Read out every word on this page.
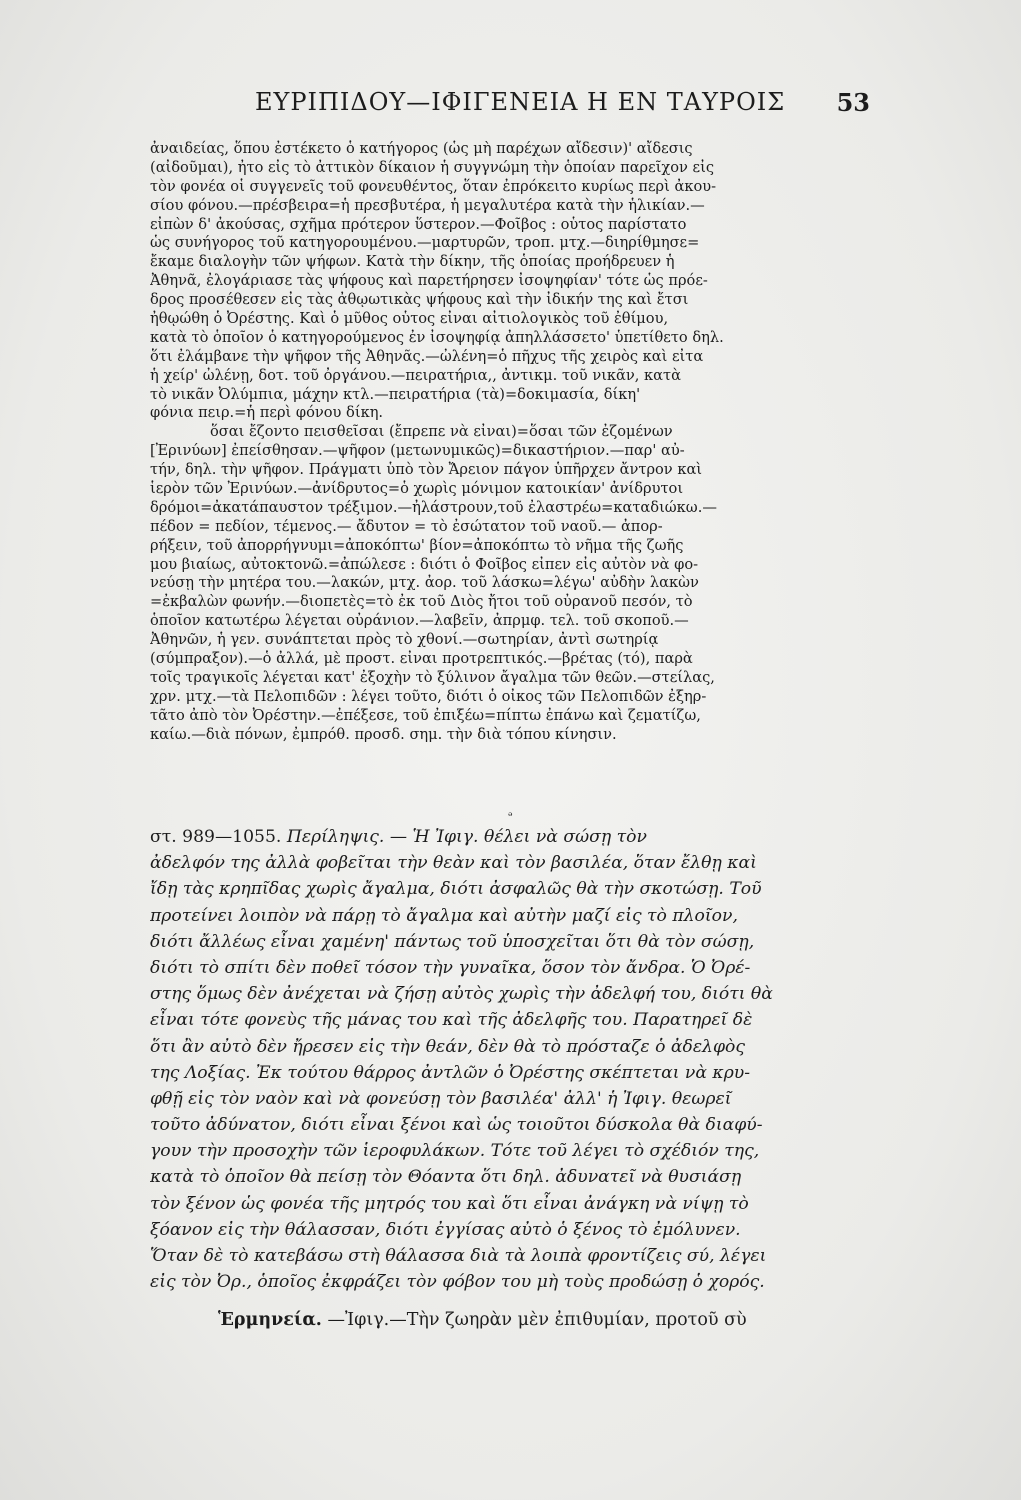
ΕΥΡΙΠΙΔΟΥ—ΙΦΙΓΕΝΕΙΑ Η ΕΝ ΤΑΥΡΟΙΣ 53
ἀναιδείας, ὅπου ἐστέκετο ὁ κατήγορος (ὡς μὴ παρέχων αἴδεσιν)' αἴδεσις
(αἰδοῦμαι), ἦτο εἰς τὸ ἀττικὸν δίκαιον ἡ συγγνώμη τὴν ὁποίαν παρεῖχον εἰς
τὸν φονέα οἱ συγγενεῖς τοῦ φονευθέντος, ὅταν ἐπρόκειτο κυρίως περὶ ἀκου-
σίου φόνου.—πρέσβειρα=ἡ πρεσβυτέρα, ἡ μεγαλυτέρα κατὰ τὴν ἡλικίαν.—
εἰπὼν δ' ἀκούσας, σχῆμα πρότερον ὕστερον.—Φοῖβος : οὗτος παρίστατο
ὡς συνήγορος τοῦ κατηγορουμένου.—μαρτυρῶν, τροπ. μτχ.—διηρίθμησε=
ἔκαμε διαλογὴν τῶν ψήφων. Κατὰ τὴν δίκην, τῆς ὁποίας προήδρευεν ἡ
Ἀθηνᾶ, ἐλογάριασε τὰς ψήφους καὶ παρετήρησεν ἰσοψηφίαν' τότε ὡς πρόε-
δρος προσέθεσεν εἰς τὰς ἀθῳωτικὰς ψήφους καὶ τὴν ἰδικήν της καὶ ἔτσι
ἠθῳώθη ὁ Ὀρέστης. Καὶ ὁ μῦθος οὗτος εἶναι αἰτιολογικὸς τοῦ ἐθίμου,
κατὰ τὸ ὁποῖον ὁ κατηγορούμενος ἐν ἰσοψηφίᾳ ἀπηλλάσσετο' ὑπετίθετο δηλ.
ὅτι ἐλάμβανε τὴν ψῆφον τῆς Ἀθηνᾶς.—ὠλένη=ὁ πῆχυς τῆς χειρὸς καὶ εἶτα
ἡ χείρ' ὠλένῃ, δοτ. τοῦ ὀργάνου.—πειρατήρια,, ἀντικμ. τοῦ νικᾶν, κατὰ
τὸ νικᾶν Ὀλύμπια, μάχην κτλ.—πειρατήρια (τὰ)=δοκιμασία, δίκη'
φόνια πειρ.=ἡ περὶ φόνου δίκη.
ὅσαι ἔζοντο πεισθεῖσαι (ἔπρεπε νὰ εἶναι)=ὅσαι τῶν ἐζομένων
[Ἐρινύων] ἐπείσθησαν.—ψῆφον (μετωνυμικῶς)=δικαστήριον.—παρ' αὐ-
τήν, δηλ. τὴν ψῆφον. Πράγματι ὑπὸ τὸν Ἄρειον πάγον ὑπῆρχεν ἄντρον καὶ
ἱερὸν τῶν Ἐρινύων.—ἀνίδρυτος=ὁ χωρὶς μόνιμον κατοικίαν' ἀνίδρυτοι
δρόμοι=ἀκατάπαυστον τρέξιμον.—ἠλάστρουν,τοῦ ἐλαστρέω=καταδιώκω.—
πέδον = πεδίον, τέμενος.— ἄδυτον = τὸ ἐσώτατον τοῦ ναοῦ.— ἀπορ-
ρήξειν, τοῦ ἀπορρήγνυμι=ἀποκόπτω' βίον=ἀποκόπτω τὸ νῆμα τῆς ζωῆς
μου βιαίως, αὐτοκτονῶ.=ἀπώλεσε : διότι ὁ Φοῖβος εἶπεν εἰς αὐτὸν νὰ φο-
νεύσῃ τὴν μητέρα του.—λακών, μτχ. ἀορ. τοῦ λάσκω=λέγω' αὐδὴν λακὼν
=ἐκβαλὼν φωνήν.—διοπετὲς=τὸ ἐκ τοῦ Διὸς ἤτοι τοῦ οὐρανοῦ πεσόν, τὸ
ὁποῖον κατωτέρω λέγεται οὐράνιον.—λαβεῖν, ἀπρμφ. τελ. τοῦ σκοποῦ.—
Ἀθηνῶν, ἡ γεν. συνάπτεται πρὸς τὸ χθονί.—σωτηρίαν, ἀντὶ σωτηρίᾳ
(σύμπραξον).—ὁ ἀλλά, μὲ προστ. εἶναι προτρεπτικός.—βρέτας (τό), παρὰ
τοῖς τραγικοῖς λέγεται κατ' ἐξοχὴν τὸ ξύλινον ἄγαλμα τῶν θεῶν.—στείλας,
χρν. μτχ.—τὰ Πελοπιδῶν : λέγει τοῦτο, διότι ὁ οἶκος τῶν Πελοπιδῶν ἐξηρ-
τᾶτο ἀπὸ τὸν Ὀρέστην.—ἐπέξεσε, τοῦ ἐπιξέω=πίπτω ἐπάνω καὶ ζεματίζω,
καίω.—διὰ πόνων, ἐμπρόθ. προσδ. σημ. τὴν διὰ τόπου κίνησιν.
ₔ
στ. 989—1055. Περίληψις. — Ἡ Ἰφιγ. θέλει νὰ σώσῃ τὸν
ἀδελφόν της ἀλλὰ φοβεῖται τὴν θεὰν καὶ τὸν βασιλέα, ὅταν ἔλθῃ καὶ
ἴδῃ τὰς κρηπῖδας χωρὶς ἄγαλμα, διότι ἀσφαλῶς θὰ τὴν σκοτώσῃ. Τοῦ
προτείνει λοιπὸν νὰ πάρῃ τὸ ἄγαλμα καὶ αὐτὴν μαζί εἰς τὸ πλοῖον,
διότι ἄλλέως εἶναι χαμένη' πάντως τοῦ ὑποσχεῖται ὅτι θὰ τὸν σώσῃ,
διότι τὸ σπίτι δὲν ποθεῖ τόσον τὴν γυναῖκα, ὅσον τὸν ἄνδρα. Ὁ Ὀρέ-
στης ὅμως δὲν ἀνέχεται νὰ ζήσῃ αὐτὸς χωρὶς τὴν ἀδελφή του, διότι θὰ
εἶναι τότε φονεὺς τῆς μάνας του καὶ τῆς ἀδελφῆς του. Παρατηρεῖ δὲ
ὅτι ἂν αὐτὸ δὲν ἤρεσεν εἰς τὴν θεάν, δὲν θὰ τὸ πρόσταζε ὁ ἀδελφὸς
της Λοξίας. Ἐκ τούτου θάρρος ἀντλῶν ὁ Ὀρέστης σκέπτεται νὰ κρυ-
φθῇ εἰς τὸν ναὸν καὶ νὰ φονεύσῃ τὸν βασιλέα' ἀλλ' ἡ Ἰφιγ. θεωρεῖ
τοῦτο ἀδύνατον, διότι εἶναι ξένοι καὶ ὡς τοιοῦτοι δύσκολα θὰ διαφύ-
γουν τὴν προσοχὴν τῶν ἱεροφυλάκων. Τότε τοῦ λέγει τὸ σχέδιόν της,
κατὰ τὸ ὁποῖον θὰ πείσῃ τὸν Θόαντα ὅτι δηλ. ἀδυνατεῖ νὰ θυσιάσῃ
τὸν ξένον ὡς φονέα τῆς μητρός του καὶ ὅτι εἶναι ἀνάγκη νὰ νίψῃ τὸ
ξόανον εἰς τὴν θάλασσαν, διότι ἐγγίσας αὐτὸ ὁ ξένος τὸ ἐμόλυνεν.
Ὅταν δὲ τὸ κατεβάσω στὴ θάλασσα διὰ τὰ λοιπὰ φροντίζεις σύ, λέγει
εἰς τὸν Ὀρ., ὁποῖος ἐκφράζει τὸν φόβον του μὴ τοὺς προδώσῃ ὁ χορός.
Ἑρμηνεία. —Ἰφιγ.—Τὴν ζωηρὰν μὲν ἐπιθυμίαν, προτοῦ σὺ
